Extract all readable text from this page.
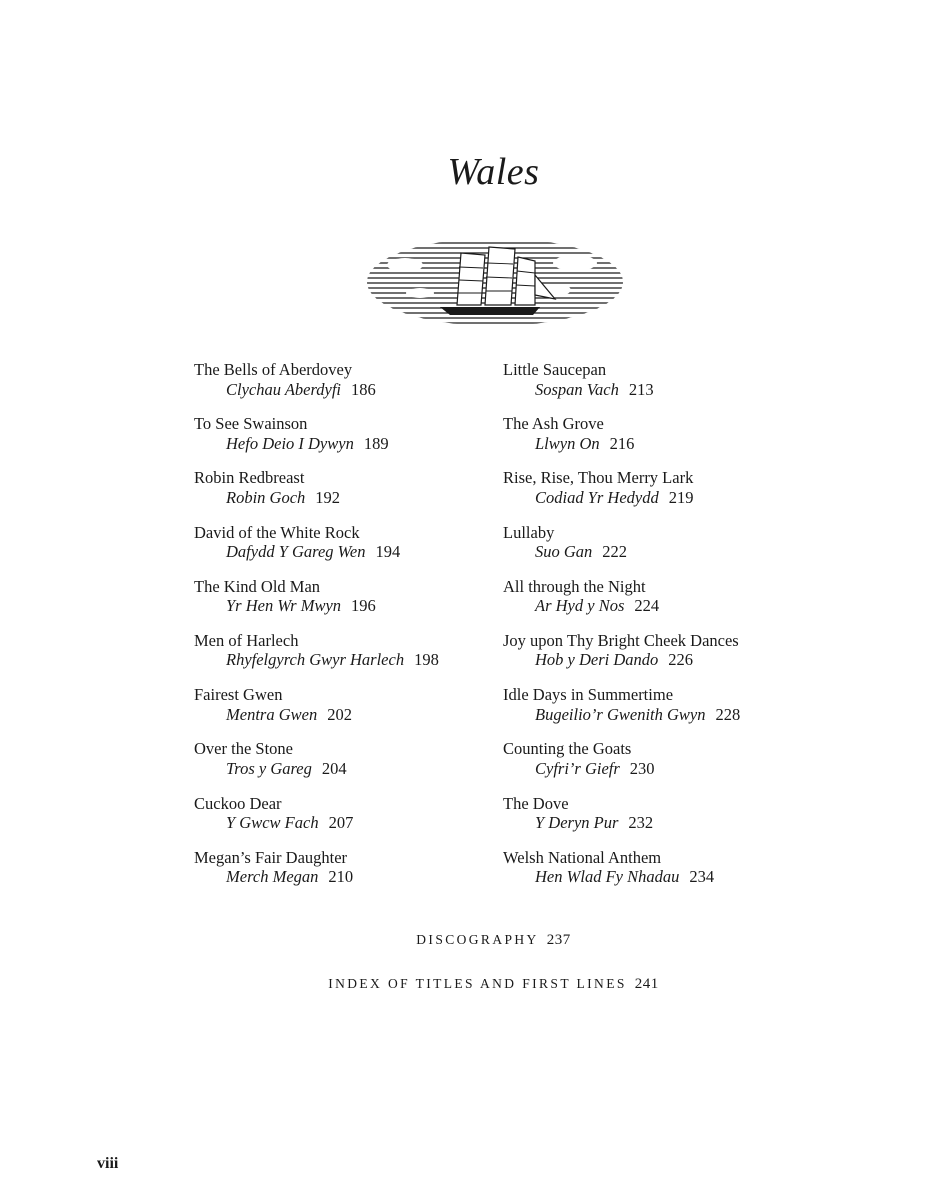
Wales
The Bells of Aberdovey
Clychau Aberdyfi 186
To See Swainson
Hefo Deio I Dywyn 189
Robin Redbreast
Robin Goch 192
David of the White Rock
Dafydd Y Gareg Wen 194
The Kind Old Man
Yr Hen Wr Mwyn 196
Men of Harlech
Rhyfelgyrch Gwyr Harlech 198
Fairest Gwen
Mentra Gwen 202
Over the Stone
Tros y Gareg 204
Cuckoo Dear
Y Gwcw Fach 207
Megan’s Fair Daughter
Merch Megan 210
Little Saucepan
Sospan Vach 213
The Ash Grove
Llwyn On 216
Rise, Rise, Thou Merry Lark
Codiad Yr Hedydd 219
Lullaby
Suo Gan 222
All through the Night
Ar Hyd y Nos 224
Joy upon Thy Bright Cheek Dances
Hob y Deri Dando 226
Idle Days in Summertime
Bugeilio’r Gwenith Gwyn 228
Counting the Goats
Cyfri’r Giefr 230
The Dove
Y Deryn Pur 232
Welsh National Anthem
Hen Wlad Fy Nhadau 234
DISCOGRAPHY 237
INDEX OF TITLES AND FIRST LINES 241
viii
